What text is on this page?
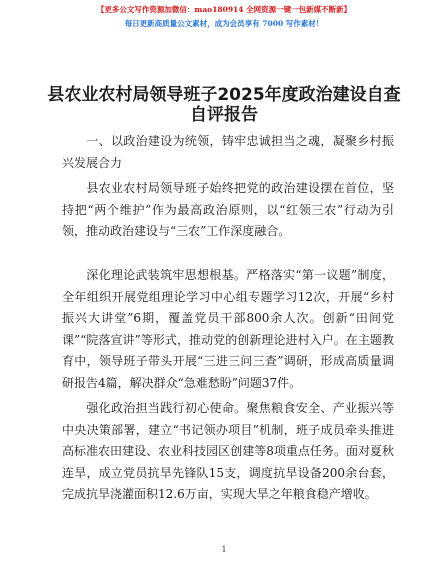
【更多公文写作资源加微信：mao180914 全网资源一键一包新媒不断新】
每日更新高质量公文素材，成为会员享有 7000 写作素材！
县农业农村局领导班子2025年度政治建设自查自评报告
一、以政治建设为统领，铸牢忠诚担当之魂，凝聚乡村振兴发展合力
县农业农村局领导班子始终把党的政治建设摆在首位，坚持把“两个维护”作为最高政治原则，以“红领三农”行动为引领，推动政治建设与“三农”工作深度融合。
深化理论武装筑牢思想根基。严格落实“第一议题”制度，全年组织开展党组理论学习中心组专题学习12次，开展“乡村振兴大讲堂”6期，覆盖党员干部800余人次。创新“田间党课”“院落宣讲”等形式，推动党的创新理论进村入户。在主题教育中，领导班子带头开展“三进三问三查”调研，形成高质量调研报告4篇，解决群众“急难愁盼”问题37件。
强化政治担当践行初心使命。聚焦粮食安全、产业振兴等中央决策部署，建立“书记领办项目”机制，班子成员牵头推进高标准农田建设、农业科技园区创建等8项重点任务。面对夏秋连旱，成立党员抗旱先锋队15支，调度抗旱设备200余台套，完成抗旱浇灌面积12.6万亩，实现大旱之年粮食稳产增收。
1
